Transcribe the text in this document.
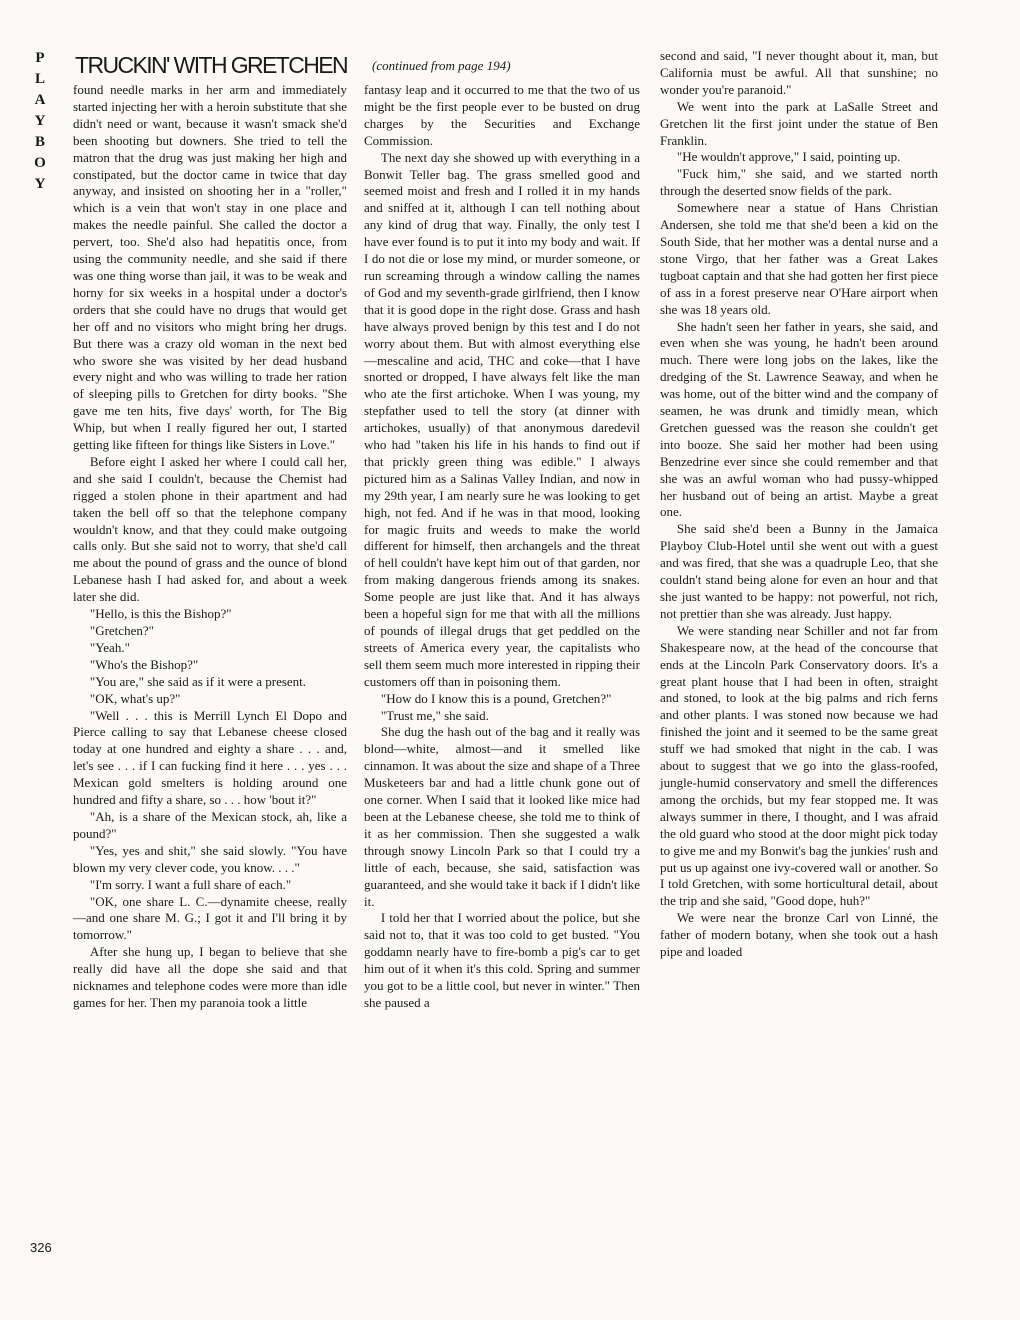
P
L
A
Y
B
O
Y
TRUCKIN' WITH GRETCHEN (continued from page 194)

found needle marks in her arm and immediately started injecting her with a heroin substitute that she didn't need or want, because it wasn't smack she'd been shooting but downers. She tried to tell the matron that the drug was just making her high and constipated, but the doctor came in twice that day anyway, and insisted on shooting her in a "roller," which is a vein that won't stay in one place and makes the needle painful. She called the doctor a pervert, too. She'd also had hepatitis once, from using the community needle, and she said if there was one thing worse than jail, it was to be weak and horny for six weeks in a hospital under a doctor's orders that she could have no drugs that would get her off and no visitors who might bring her drugs. But there was a crazy old woman in the next bed who swore she was visited by her dead husband every night and who was willing to trade her ration of sleeping pills to Gretchen for dirty books. "She gave me ten hits, five days' worth, for The Big Whip, but when I really figured her out, I started getting like fifteen for things like Sisters in Love."

Before eight I asked her where I could call her, and she said I couldn't, because the Chemist had rigged a stolen phone in their apartment and had taken the bell off so that the telephone company wouldn't know, and that they could make outgoing calls only. But she said not to worry, that she'd call me about the pound of grass and the ounce of blond Lebanese hash I had asked for, and about a week later she did.

"Hello, is this the Bishop?"

"Gretchen?"

"Yeah."

"Who's the Bishop?"

"You are," she said as if it were a present.

"OK, what's up?"

"Well . . . this is Merrill Lynch El Dopo and Pierce calling to say that Lebanese cheese closed today at one hundred and eighty a share . . . and, let's see . . . if I can fucking find it here . . . yes . . . Mexican gold smelters is holding around one hundred and fifty a share, so . . . how 'bout it?"

"Ah, is a share of the Mexican stock, ah, like a pound?"

"Yes, yes and shit," she said slowly. "You have blown my very clever code, you know. . . ."

"I'm sorry. I want a full share of each."

"OK, one share L. C.—dynamite cheese, really—and one share M. G.; I got it and I'll bring it by tomorrow."

After she hung up, I began to believe that she really did have all the dope she said and that nicknames and telephone codes were more than idle games for her. Then my paranoia took a little

fantasy leap and it occurred to me that the two of us might be the first people ever to be busted on drug charges by the Securities and Exchange Commission.

The next day she showed up with everything in a Bonwit Teller bag. The grass smelled good and seemed moist and fresh and I rolled it in my hands and sniffed at it, although I can tell nothing about any kind of drug that way. Finally, the only test I have ever found is to put it into my body and wait. If I do not die or lose my mind, or murder someone, or run screaming through a window calling the names of God and my seventh-grade girlfriend, then I know that it is good dope in the right dose. Grass and hash have always proved benign by this test and I do not worry about them. But with almost everything else—mescaline and acid, THC and coke—that I have snorted or dropped, I have always felt like the man who ate the first artichoke. When I was young, my stepfather used to tell the story (at dinner with artichokes, usually) of that anonymous daredevil who had "taken his life in his hands to find out if that prickly green thing was edible." I always pictured him as a Salinas Valley Indian, and now in my 29th year, I am nearly sure he was looking to get high, not fed. And if he was in that mood, looking for magic fruits and weeds to make the world different for himself, then archangels and the threat of hell couldn't have kept him out of that garden, nor from making dangerous friends among its snakes. Some people are just like that. And it has always been a hopeful sign for me that with all the millions of pounds of illegal drugs that get peddled on the streets of America every year, the capitalists who sell them seem much more interested in ripping their customers off than in poisoning them.

"How do I know this is a pound, Gretchen?"

"Trust me," she said.

She dug the hash out of the bag and it really was blond—white, almost—and it smelled like cinnamon. It was about the size and shape of a Three Musketeers bar and had a little chunk gone out of one corner. When I said that it looked like mice had been at the Lebanese cheese, she told me to think of it as her commission. Then she suggested a walk through snowy Lincoln Park so that I could try a little of each, because, she said, satisfaction was guaranteed, and she would take it back if I didn't like it.

I told her that I worried about the police, but she said not to, that it was too cold to get busted. "You goddamn nearly have to fire-bomb a pig's car to get him out of it when it's this cold. Spring and summer you got to be a little cool, but never in winter." Then she paused a

second and said, "I never thought about it, man, but California must be awful. All that sunshine; no wonder you're paranoid."

We went into the park at LaSalle Street and Gretchen lit the first joint under the statue of Ben Franklin.

"He wouldn't approve," I said, pointing up.

"Fuck him," she said, and we started north through the deserted snow fields of the park.

Somewhere near a statue of Hans Christian Andersen, she told me that she'd been a kid on the South Side, that her mother was a dental nurse and a stone Virgo, that her father was a Great Lakes tugboat captain and that she had gotten her first piece of ass in a forest preserve near O'Hare airport when she was 18 years old.

She hadn't seen her father in years, she said, and even when she was young, he hadn't been around much. There were long jobs on the lakes, like the dredging of the St. Lawrence Seaway, and when he was home, out of the bitter wind and the company of seamen, he was drunk and timidly mean, which Gretchen guessed was the reason she couldn't get into booze. She said her mother had been using Benzedrine ever since she could remember and that she was an awful woman who had pussy-whipped her husband out of being an artist. Maybe a great one.

She said she'd been a Bunny in the Jamaica Playboy Club-Hotel until she went out with a guest and was fired, that she was a quadruple Leo, that she couldn't stand being alone for even an hour and that she just wanted to be happy: not powerful, not rich, not prettier than she was already. Just happy.

We were standing near Schiller and not far from Shakespeare now, at the head of the concourse that ends at the Lincoln Park Conservatory doors. It's a great plant house that I had been in often, straight and stoned, to look at the big palms and rich ferns and other plants. I was stoned now because we had finished the joint and it seemed to be the same great stuff we had smoked that night in the cab. I was about to suggest that we go into the glass-roofed, jungle-humid conservatory and smell the differences among the orchids, but my fear stopped me. It was always summer in there, I thought, and I was afraid the old guard who stood at the door might pick today to give me and my Bonwit's bag the junkies' rush and put us up against one ivy-covered wall or another. So I told Gretchen, with some horticultural detail, about the trip and she said, "Good dope, huh?"

We were near the bronze Carl von Linné, the father of modern botany, when she took out a hash pipe and loaded

326
